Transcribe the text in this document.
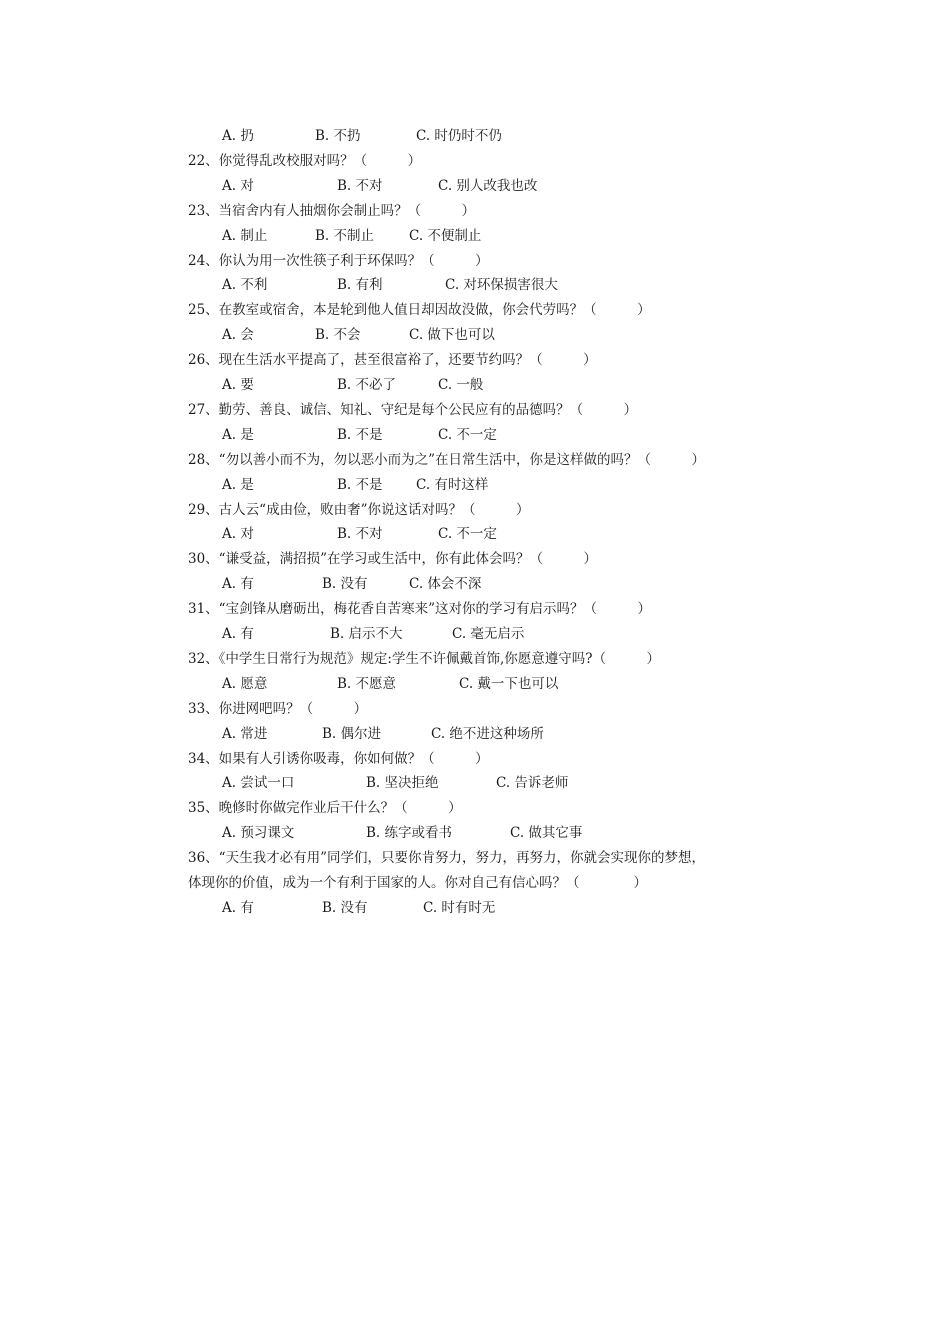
A. 扔	B. 不扔	C. 时仍时不仍
22、你觉得乱改校服对吗？（　　　）
A. 对	B. 不对	C. 别人改我也改
23、当宿舍内有人抽烟你会制止吗？（　　　）
A. 制止	B. 不制止	C. 不便制止
24、你认为用一次性筷子利于环保吗？（　　　）
A. 不利	B. 有利	C. 对环保损害很大
25、在教室或宿舍，本是轮到他人值日却因故没做，你会代劳吗？（　　　）
A. 会	B. 不会	C. 做下也可以
26、现在生活水平提高了，甚至很富裕了，还要节约吗？（　　　）
A. 要	B. 不必了	C. 一般
27、勤劳、善良、诚信、知礼、守纪是每个公民应有的品德吗？（　　　）
A. 是	B. 不是	C. 不一定
28、“勿以善小而不为，勿以恶小而为之”在日常生活中，你是这样做的吗？（　　　）
A. 是	B. 不是 C. 有时这样
29、古人云“成由俭，败由奢”你说这话对吗？（　　　）
A. 对	B. 不对	C. 不一定
30、“谦受益，满招损”在学习或生活中，你有此体会吗？（　　　）
A. 有	B. 没有	C. 体会不深
31、“宝剑锋从磨砺出，梅花香自苦寒来”这对你的学习有启示吗？（　　　）
A. 有	B. 启示不大	C. 毫无启示
32、《中学生日常行为规范》规定:学生不许佩戴首饰,你愿意遵守吗?（　　　）
A. 愿意	B. 不愿意	C. 戴一下也可以
33、你进网吧吗？（　　　）
A. 常进	B. 偶尔进	C. 绝不进这种场所
34、如果有人引诱你吸毒，你如何做？（　　　）
A. 尝试一口	B. 坚决拒绝	C. 告诉老师
35、晚修时你做完作业后干什么？（　　　）
A. 预习课文	B. 练字或看书	C. 做其它事
36、“天生我才必有用”同学们，只要你肯努力，努力，再努力，你就会实现你的梦想，
体现你的价值，成为一个有利于国家的人。你对自己有信心吗？（　　　　）
A. 有	B. 没有	C. 时有时无
